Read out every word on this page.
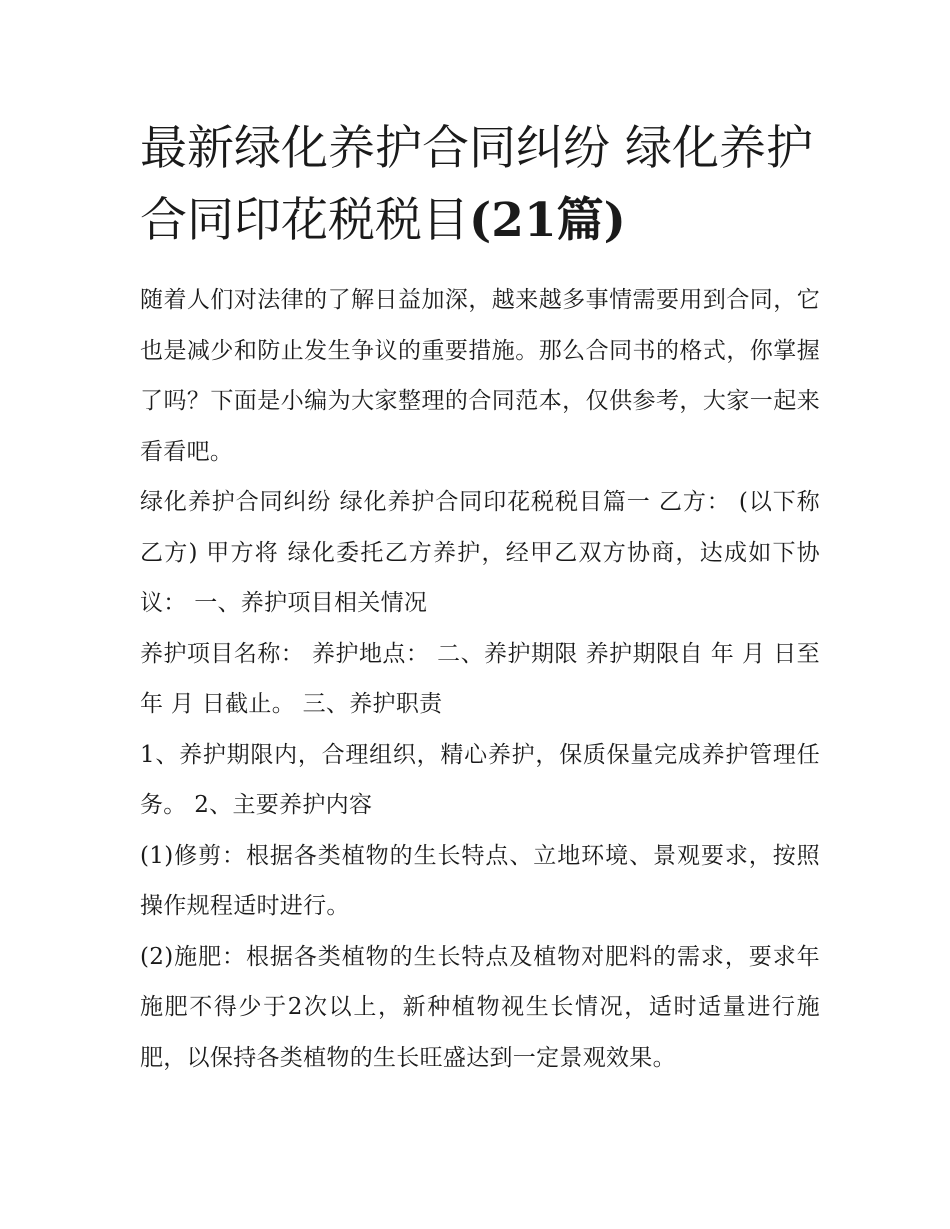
最新绿化养护合同纠纷 绿化养护合同印花税税目(21篇)

随着人们对法律的了解日益加深，越来越多事情需要用到合同，它也是减少和防止发生争议的重要措施。那么合同书的格式，你掌握了吗？下面是小编为大家整理的合同范本，仅供参考，大家一起来看看吧。

绿化养护合同纠纷 绿化养护合同印花税税目篇一 乙方： (以下称乙方) 甲方将 绿化委托乙方养护，经甲乙双方协商，达成如下协议： 一、养护项目相关情况

养护项目名称： 养护地点： 二、养护期限 养护期限自 年 月 日至 年 月 日截止。 三、养护职责

1、养护期限内，合理组织，精心养护，保质保量完成养护管理任务。 2、主要养护内容

(1)修剪：根据各类植物的生长特点、立地环境、景观要求，按照操作规程适时进行。

(2)施肥：根据各类植物的生长特点及植物对肥料的需求，要求年施肥不得少于2次以上，新种植物视生长情况，适时适量进行施肥，以保持各类植物的生长旺盛达到一定景观效果。
